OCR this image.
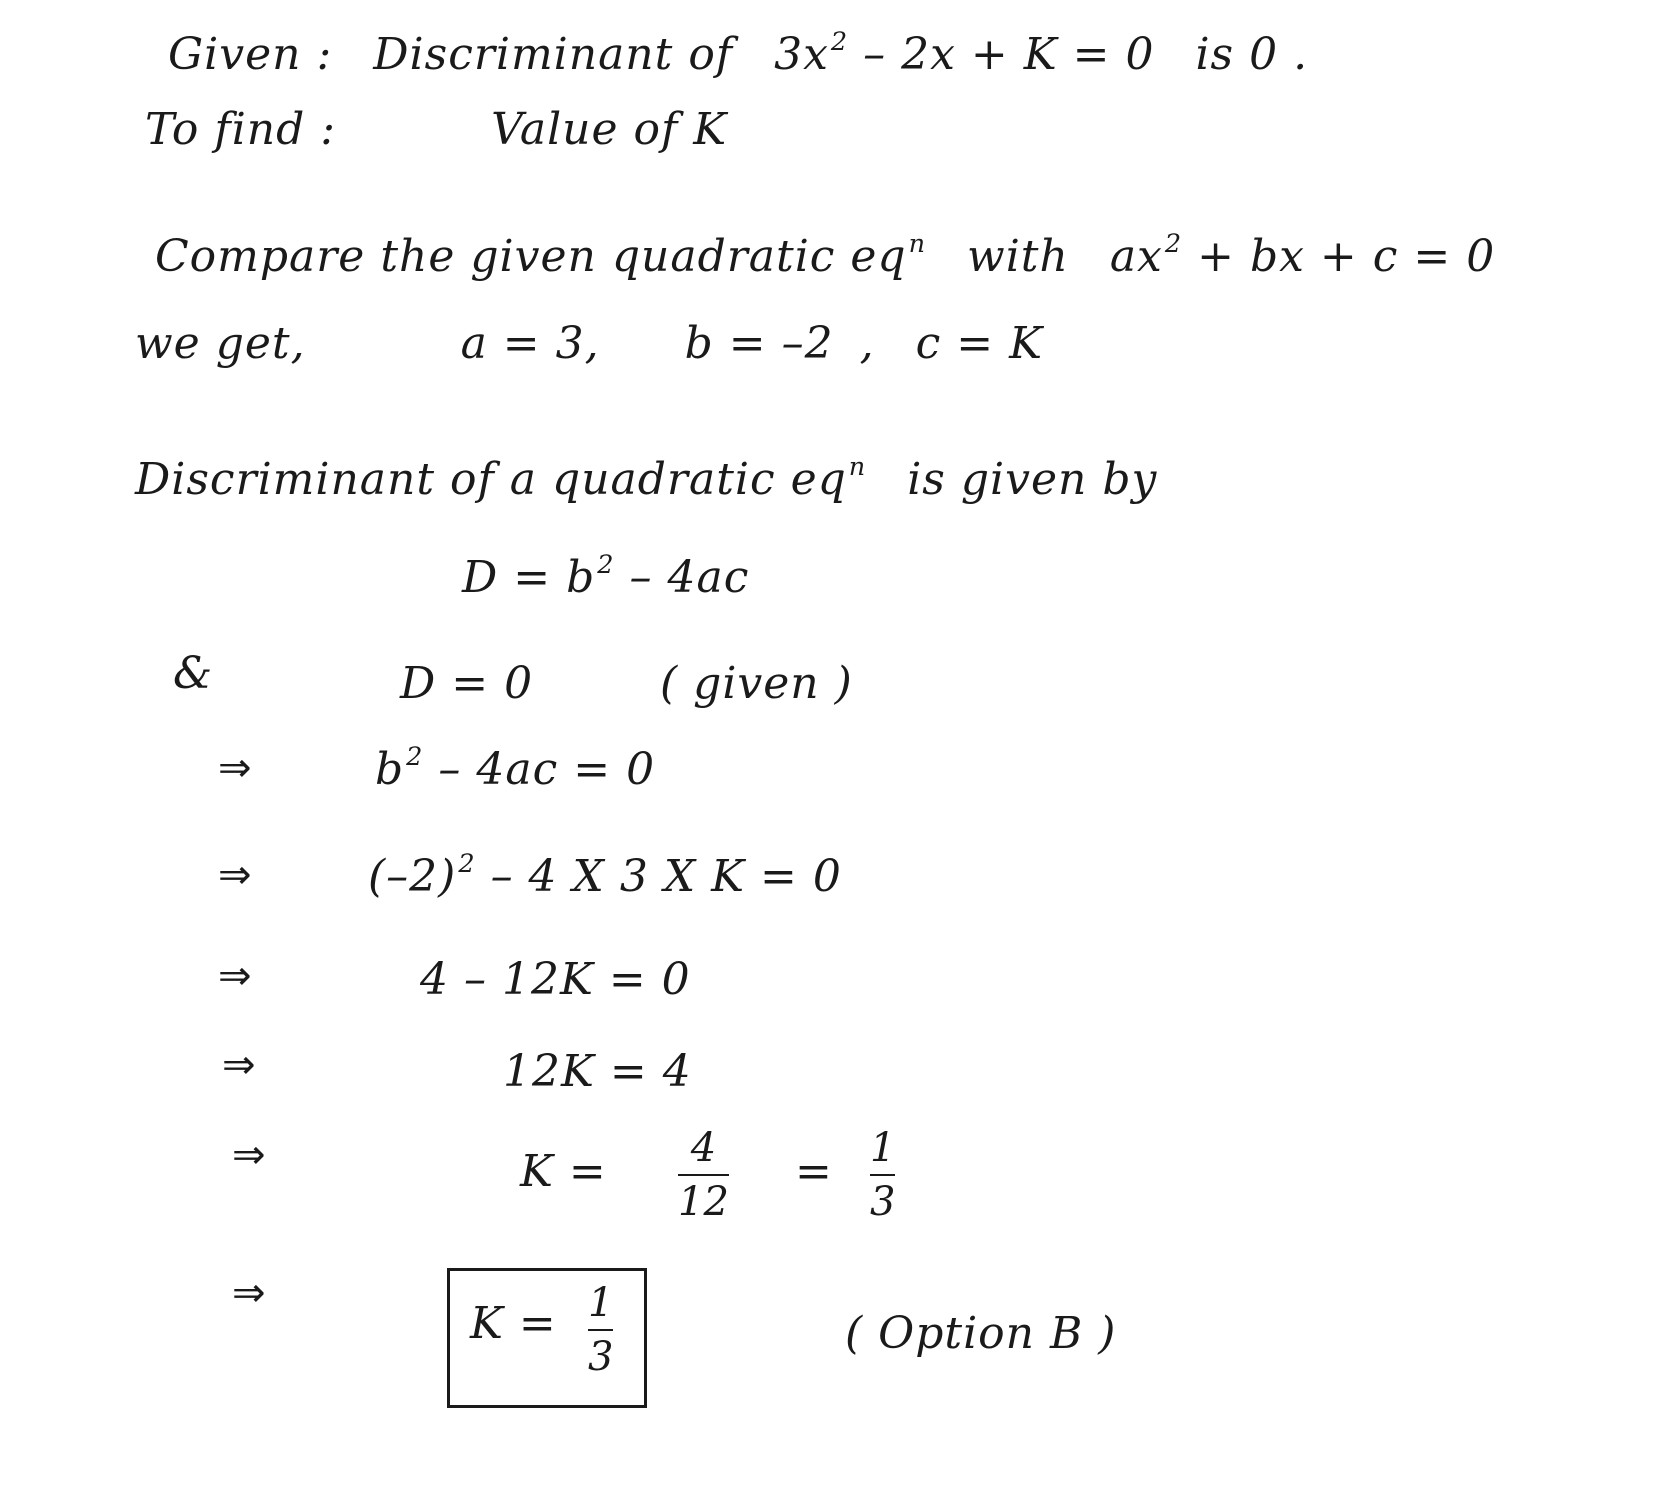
Given : Discriminant of $3x^2 - 2x + K = 0$ is 0 .
To find :	Value of K
Compare the given quadratic $eq^n$ with $ax^2$ + bx + c = 0
we get,	a = 3, b = –2 , c = K
Discriminant of a quadratic $eq^n$ is given by
$D = b^2 - 4ac$
&	D = 0	( given )
⇒	$b^2 - 4ac = 0$
⇒	$(-2)^2 - 4$ X 3 X K = 0
⇒	4 – 12K = 0
⇒	12K = 4
⇒	K = 4
12
= 1
3
⇒
K = 1
3	( Option B )
